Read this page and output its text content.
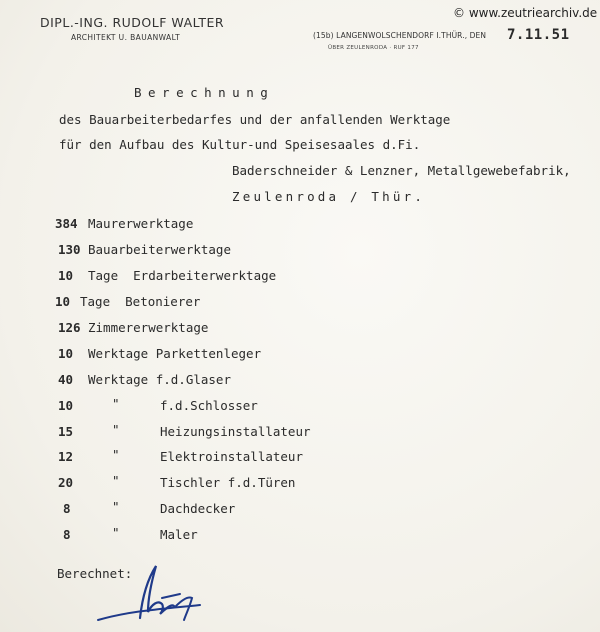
© www.zeutriearchiv.de
DIPL.-ING. RUDOLF WALTER
ARCHITEKT U. BAUANWALT	(15b) LANGENWOLSCHENDORF I.THÜR., DEN
ÜBER ZEULENRODA · RUF 177
7.11.51
Berechnung
des Bauarbeiterbedarfes und der anfallenden Werktage
für den Aufbau des Kultur-und Speisesaales d.Fi.
Baderschneider & Lenzner, Metallgewebefabrik,
Zeulenroda / Thür.
384 Maurerwerktage
130 Bauarbeiterwerktage
10 Tage  Erdarbeiterwerktage
10 Tage  Betonierer
126 Zimmererwerktage
10 Werktage Parkettenleger
40 Werktage f.d.Glaser
10	"	f.d.Schlosser
15	"	Heizungsinstallateur
12	"	Elektroinstallateur
20	"	Tischler f.d.Türen
8	"	Dachdecker
8	"	Maler
Berechnet:
